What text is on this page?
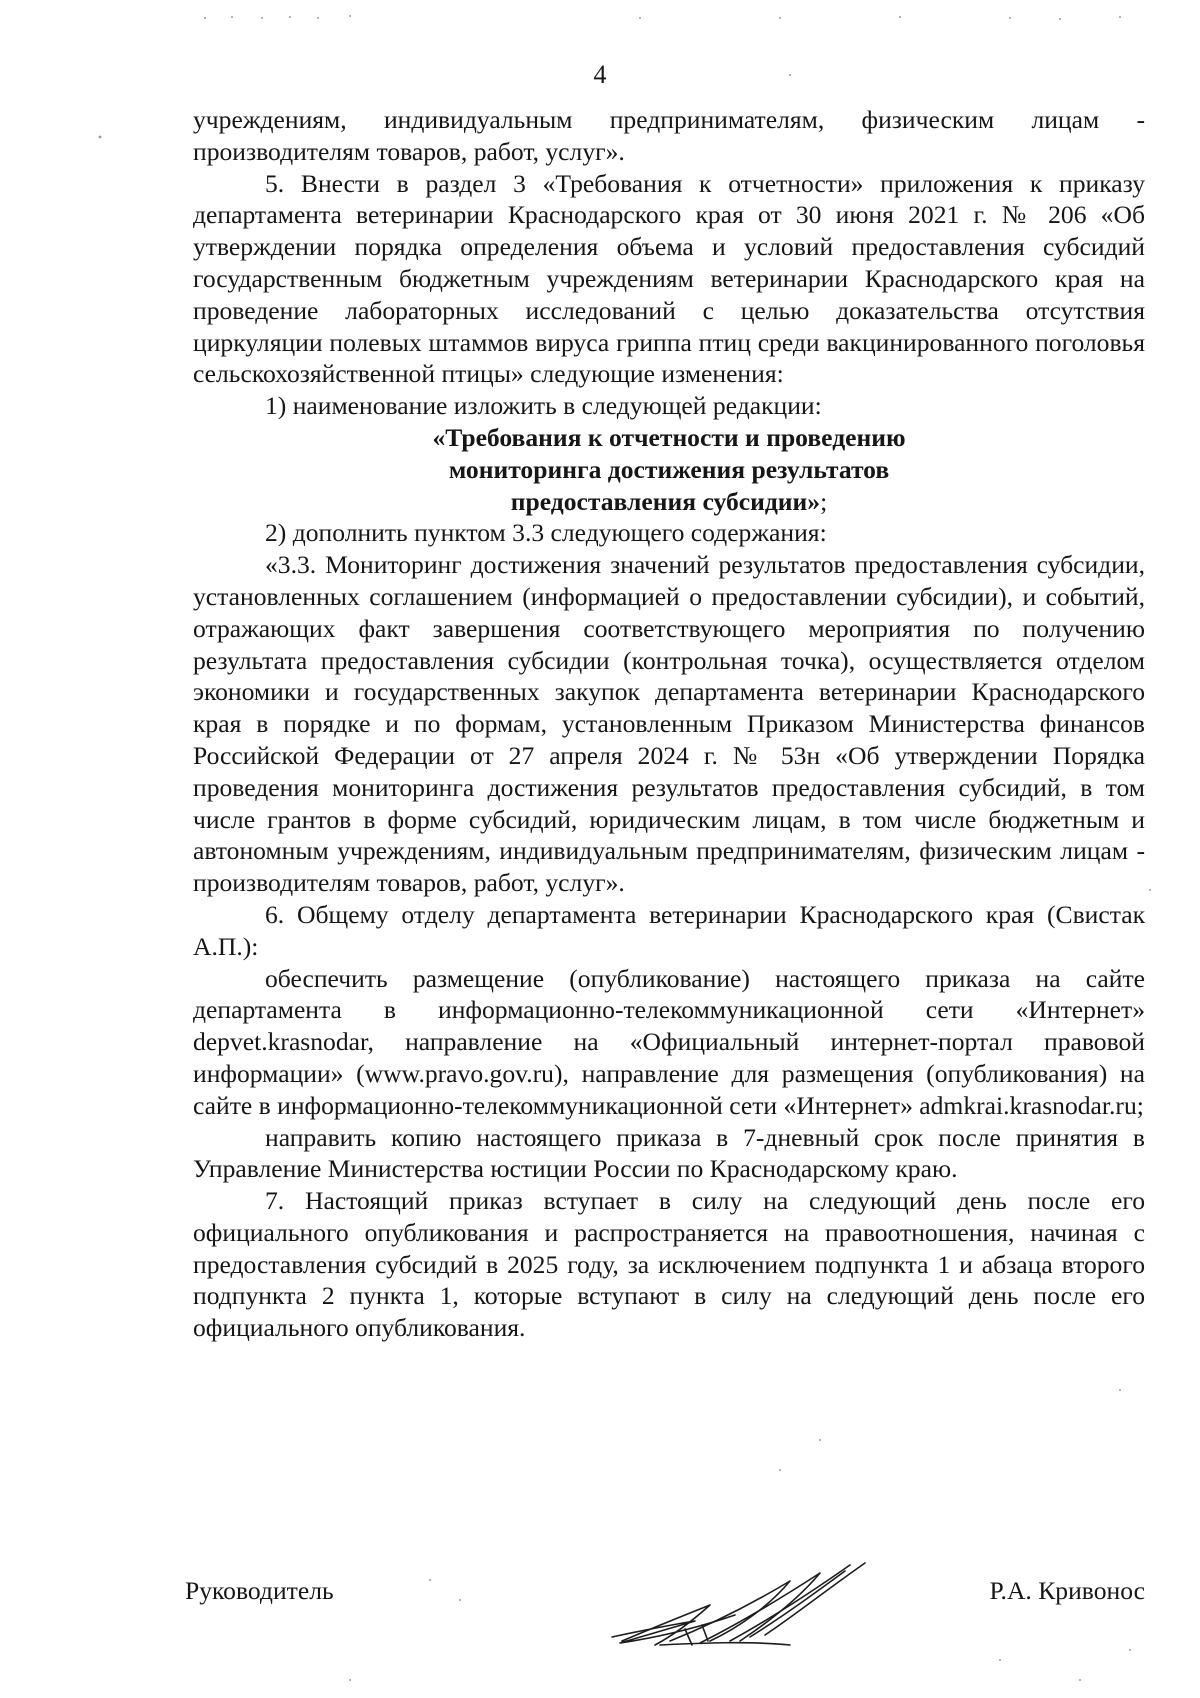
4

учреждениям, индивидуальным предпринимателям, физическим лицам - производителям товаров, работ, услуг».

5. Внести в раздел 3 «Требования к отчетности» приложения к приказу департамента ветеринарии Краснодарского края от 30 июня 2021 г. № 206 «Об утверждении порядка определения объема и условий предоставления субсидий государственным бюджетным учреждениям ветеринарии Краснодарского края на проведение лабораторных исследований с целью доказательства отсутствия циркуляции полевых штаммов вируса гриппа птиц среди вакцинированного поголовья сельскохозяйственной птицы» следующие изменения:

1) наименование изложить в следующей редакции:

«Требования к отчетности и проведению
мониторинга достижения результатов
предоставления субсидии»;

2) дополнить пунктом 3.3 следующего содержания:

«3.3. Мониторинг достижения значений результатов предоставления субсидии, установленных соглашением (информацией о предоставлении субсидии), и событий, отражающих факт завершения соответствующего мероприятия по получению результата предоставления субсидии (контрольная точка), осуществляется отделом экономики и государственных закупок департамента ветеринарии Краснодарского края в порядке и по формам, установленным Приказом Министерства финансов Российской Федерации от 27 апреля 2024 г. № 53н «Об утверждении Порядка проведения мониторинга достижения результатов предоставления субсидий, в том числе грантов в форме субсидий, юридическим лицам, в том числе бюджетным и автономным учреждениям, индивидуальным предпринимателям, физическим лицам - производителям товаров, работ, услуг».

6. Общему отделу департамента ветеринарии Краснодарского края (Свистак А.П.):

обеспечить размещение (опубликование) настоящего приказа на сайте департамента в информационно-телекоммуникационной сети «Интернет» depvet.krasnodar, направление на «Официальный интернет-портал правовой информации» (www.pravo.gov.ru), направление для размещения (опубликования) на сайте в информационно-телекоммуникационной сети «Интернет» admkrai.krasnodar.ru;

направить копию настоящего приказа в 7-дневный срок после принятия в Управление Министерства юстиции России по Краснодарскому краю.

7. Настоящий приказ вступает в силу на следующий день после его официального опубликования и распространяется на правоотношения, начиная с предоставления субсидий в 2025 году, за исключением подпункта 1 и абзаца второго подпункта 2 пункта 1, которые вступают в силу на следующий день после его официального опубликования.

Руководитель	Р.А. Кривонос
